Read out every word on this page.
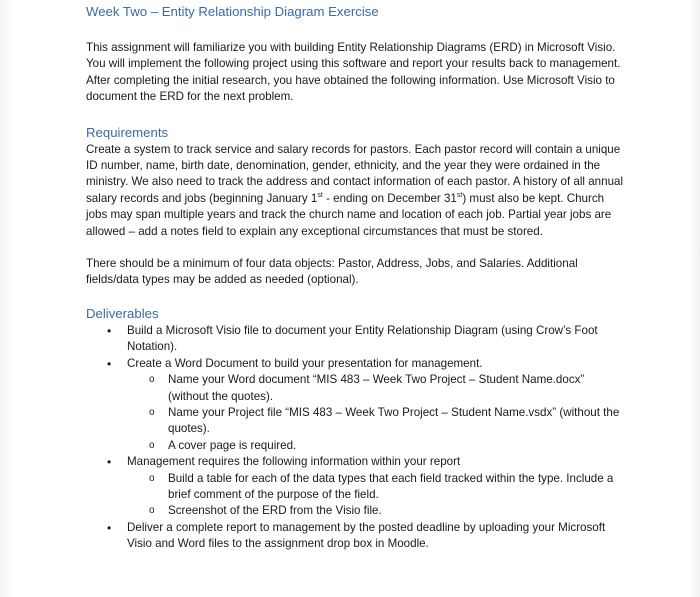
Week Two – Entity Relationship Diagram Exercise

This assignment will familiarize you with building Entity Relationship Diagrams (ERD) in Microsoft Visio. You will implement the following project using this software and report your results back to management. After completing the initial research, you have obtained the following information. Use Microsoft Visio to document the ERD for the next problem.

Requirements

Create a system to track service and salary records for pastors. Each pastor record will contain a unique ID number, name, birth date, denomination, gender, ethnicity, and the year they were ordained in the ministry. We also need to track the address and contact information of each pastor. A history of all annual salary records and jobs (beginning January 1st - ending on December 31st) must also be kept. Church jobs may span multiple years and track the church name and location of each job. Partial year jobs are allowed – add a notes field to explain any exceptional circumstances that must be stored.

There should be a minimum of four data objects: Pastor, Address, Jobs, and Salaries. Additional fields/data types may be added as needed (optional).

Deliverables
• Build a Microsoft Visio file to document your Entity Relationship Diagram (using Crow’s Foot Notation).
• Create a Word Document to build your presentation for management.
o Name your Word document “MIS 483 – Week Two Project – Student Name.docx” (without the quotes).
o Name your Project file “MIS 483 – Week Two Project – Student Name.vsdx” (without the quotes).
o A cover page is required.
• Management requires the following information within your report
o Build a table for each of the data types that each field tracked within the type. Include a brief comment of the purpose of the field.
o Screenshot of the ERD from the Visio file.
• Deliver a complete report to management by the posted deadline by uploading your Microsoft Visio and Word files to the assignment drop box in Moodle.
